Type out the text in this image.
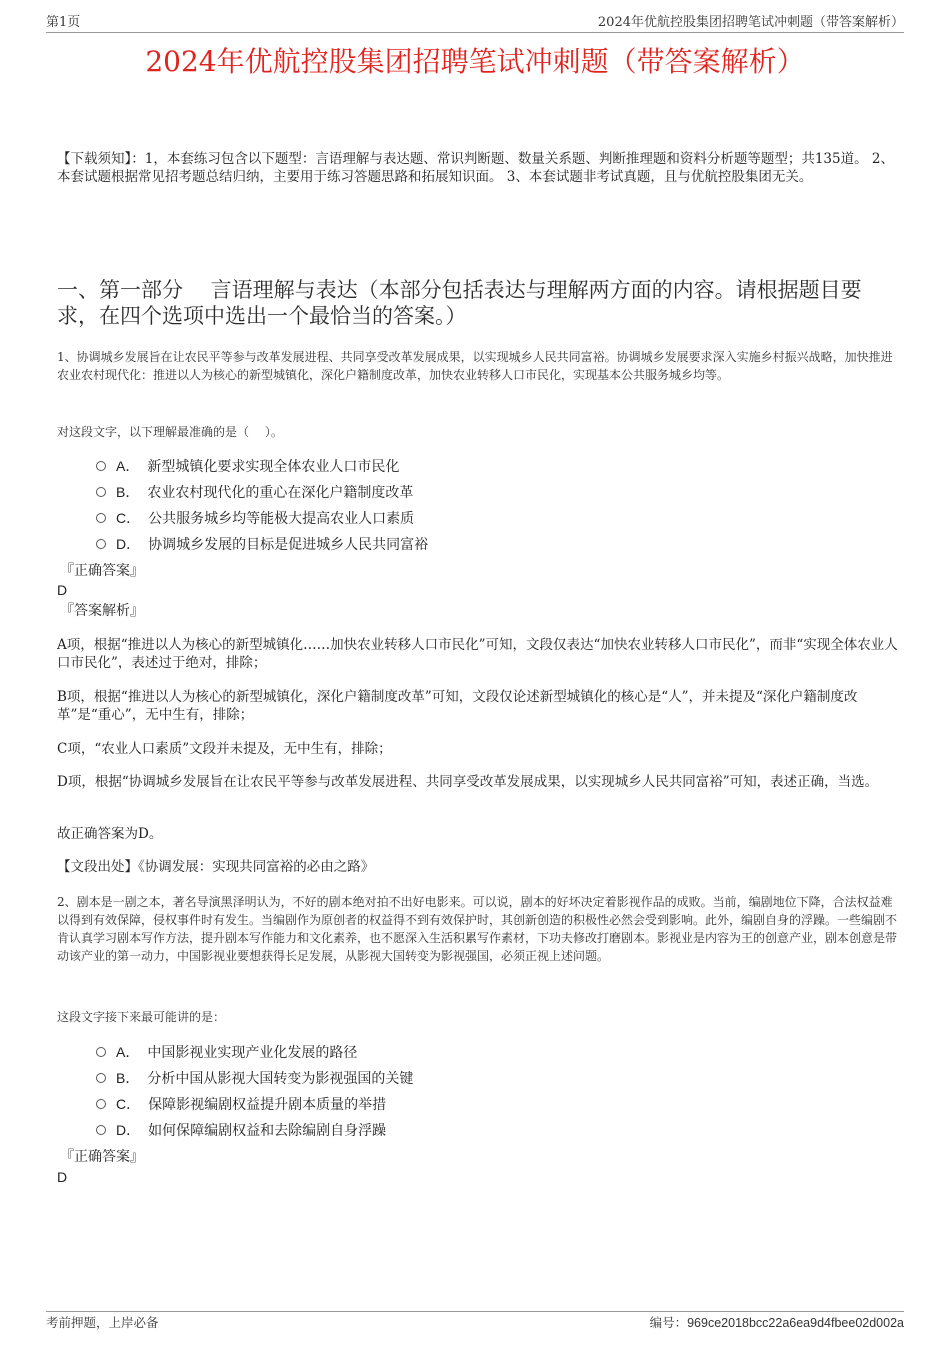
第1页	2024年优航控股集团招聘笔试冲刺题（带答案解析）
2024年优航控股集团招聘笔试冲刺题（带答案解析）
【下载须知】：1，本套练习包含以下题型：言语理解与表达题、常识判断题、数量关系题、判断推理题和资料分析题等题型；共135道。 2、本套试题根据常见招考题总结归纳，主要用于练习答题思路和拓展知识面。 3、本套试题非考试真题，且与优航控股集团无关。
一、第一部分　 言语理解与表达（本部分包括表达与理解两方面的内容。请根据题目要求，在四个选项中选出一个最恰当的答案。）
1、协调城乡发展旨在让农民平等参与改革发展进程、共同享受改革发展成果，以实现城乡人民共同富裕。协调城乡发展要求深入实施乡村振兴战略，加快推进农业农村现代化：推进以人为核心的新型城镇化，深化户籍制度改革，加快农业转移人口市民化，实现基本公共服务城乡均等。
对这段文字，以下理解最准确的是（　 ）。
A． 新型城镇化要求实现全体农业人口市民化
B． 农业农村现代化的重心在深化户籍制度改革
C． 公共服务城乡均等能极大提高农业人口素质
D． 协调城乡发展的目标是促进城乡人民共同富裕
『正确答案』
D
『答案解析』
A项，根据“推进以人为核心的新型城镇化……加快农业转移人口市民化”可知，文段仅表达“加快农业转移人口市民化”，而非“实现全体农业人口市民化”，表述过于绝对，排除；
B项，根据“推进以人为核心的新型城镇化，深化户籍制度改革”可知，文段仅论述新型城镇化的核心是“人”，并未提及“深化户籍制度改革”是“重心”，无中生有，排除；
C项，“农业人口素质”文段并未提及，无中生有，排除；
D项，根据“协调城乡发展旨在让农民平等参与改革发展进程、共同享受改革发展成果，以实现城乡人民共同富裕”可知，表述正确，当选。
故正确答案为D。
【文段出处】《协调发展：实现共同富裕的必由之路》
2、剧本是一剧之本，著名导演黑泽明认为，不好的剧本绝对拍不出好电影来。可以说，剧本的好坏决定着影视作品的成败。当前，编剧地位下降，合法权益难以得到有效保障，侵权事件时有发生。当编剧作为原创者的权益得不到有效保护时，其创新创造的积极性必然会受到影响。此外，编剧自身的浮躁。一些编剧不肯认真学习剧本写作方法，提升剧本写作能力和文化素养，也不愿深入生活积累写作素材，下功夫修改打磨剧本。影视业是内容为王的创意产业，剧本创意是带动该产业的第一动力，中国影视业要想获得长足发展，从影视大国转变为影视强国，必须正视上述问题。
这段文字接下来最可能讲的是：
A． 中国影视业实现产业化发展的路径
B． 分析中国从影视大国转变为影视强国的关键
C． 保障影视编剧权益提升剧本质量的举措
D． 如何保障编剧权益和去除编剧自身浮躁
『正确答案』
D
考前押题，上岸必备	编号：969ce2018bcc22a6ea9d4fbee02d002a
